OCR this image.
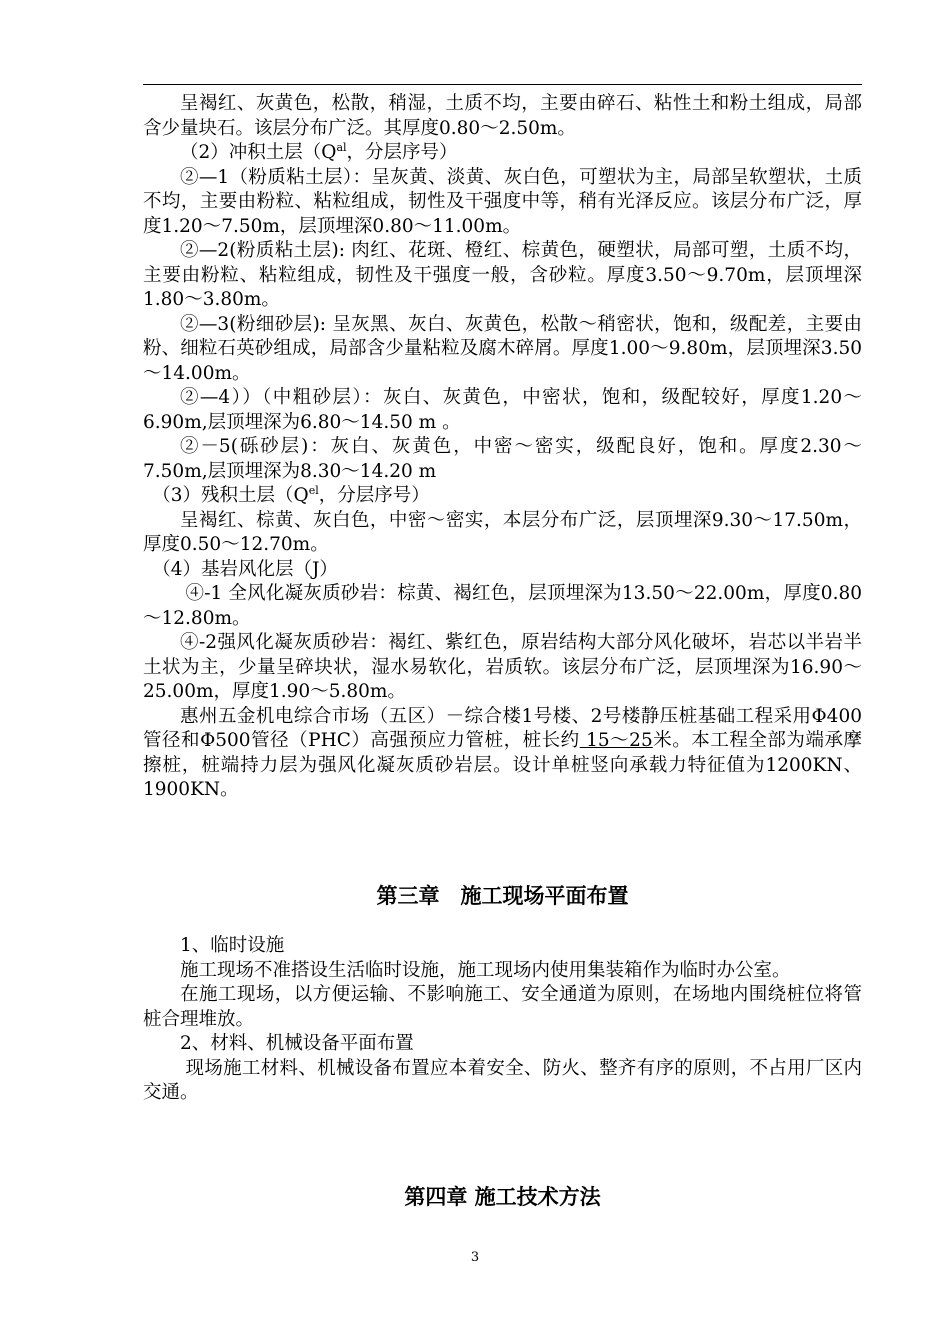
呈褐红、灰黄色，松散，稍湿，土质不均，主要由碎石、粘性土和粉土组成，局部含少量块石。该层分布广泛。其厚度0.80～2.50m。

（2）冲积土层（$Q^{al}$，分层序号）

②—1（粉质粘土层）：呈灰黄、淡黄、灰白色，可塑状为主，局部呈软塑状，土质不均，主要由粉粒、粘粒组成，韧性及干强度中等，稍有光泽反应。该层分布广泛，厚度1.20～7.50m，层顶埋深0.80～11.00m。

②—2(粉质粘土层): 肉红、花斑、橙红、棕黄色，硬塑状，局部可塑，土质不均，主要由粉粒、粘粒组成，韧性及干强度一般，含砂粒。厚度3.50～9.70m，层顶埋深1.80～3.80m。

②—3(粉细砂层): 呈灰黑、灰白、灰黄色，松散～稍密状，饱和，级配差，主要由粉、细粒石英砂组成，局部含少量粘粒及腐木碎屑。厚度1.00～9.80m，层顶埋深3.50～14.00m。

②—4））（中粗砂层）：灰白、灰黄色，中密状，饱和，级配较好，厚度1.20～6.90m,层顶埋深为6.80～14.50 m 。

②－5(砾砂层)：灰白、灰黄色，中密～密实，级配良好，饱和。厚度2.30～7.50m,层顶埋深为8.30～14.20 m

（3）残积土层（$Q^{el}$，分层序号）

呈褐红、棕黄、灰白色，中密～密实，本层分布广泛，层顶埋深9.30～17.50m，厚度0.50～12.70m。

（4）基岩风化层（J）

④-1 全风化凝灰质砂岩：棕黄、褐红色，层顶埋深为13.50～22.00m，厚度0.80～12.80m。

④-2强风化凝灰质砂岩：褐红、紫红色，原岩结构大部分风化破坏，岩芯以半岩半土状为主，少量呈碎块状，湿水易软化，岩质软。该层分布广泛，层顶埋深为16.90～25.00m，厚度1.90～5.80m。

惠州五金机电综合市场（五区）－综合楼1号楼、2号楼静压桩基础工程采用Φ400管径和Φ500管径（PHC）高强预应力管桩，桩长约 15～25米。本工程全部为端承摩擦桩，桩端持力层为强风化凝灰质砂岩层。设计单桩竖向承载力特征值为1200KN、1900KN。

第三章　施工现场平面布置

1、临时设施

施工现场不准搭设生活临时设施，施工现场内使用集装箱作为临时办公室。

在施工现场，以方便运输、不影响施工、安全通道为原则，在场地内围绕桩位将管桩合理堆放。

2、材料、机械设备平面布置

现场施工材料、机械设备布置应本着安全、防火、整齐有序的原则，不占用厂区内交通。

第四章 施工技术方法
3
